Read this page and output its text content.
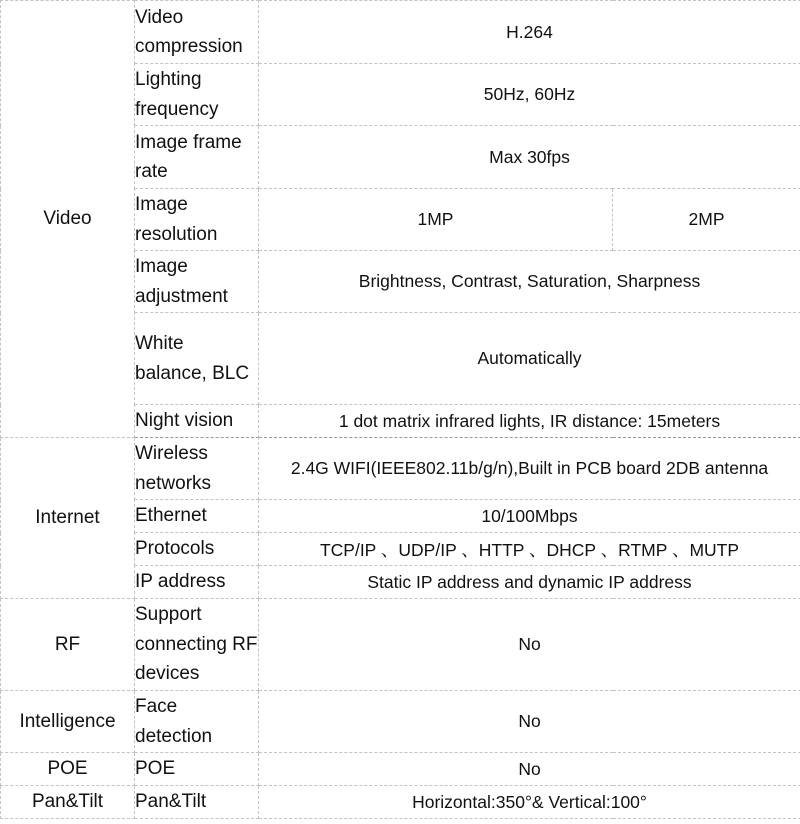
Video	Video compression	H.264	
	Lighting frequency	50Hz, 60Hz	
	Image frame rate	Max 30fps	
	Image resolution	1MP	2MP
	Image adjustment	Brightness, Contrast, Saturation, Sharpness	
	White balance, BLC	Automatically	
	Night vision	1 dot matrix infrared lights, IR distance: 15meters	

Internet	Wireless networks	2.4G WIFI(IEEE802.11b/g/n),Built in PCB board 2DB antenna	
	Ethernet	10/100Mbps	
	Protocols	TCP/IP 、UDP/IP 、HTTP 、DHCP 、RTMP 、MUTP	
	IP address	Static IP address and dynamic IP address	
RF	Support connecting RF devices	No	
Intelligence	Face detection	No	
POE	POE	No	
Pan&Tilt	Pan&Tilt	Horizontal:350°& Vertical:100°	
